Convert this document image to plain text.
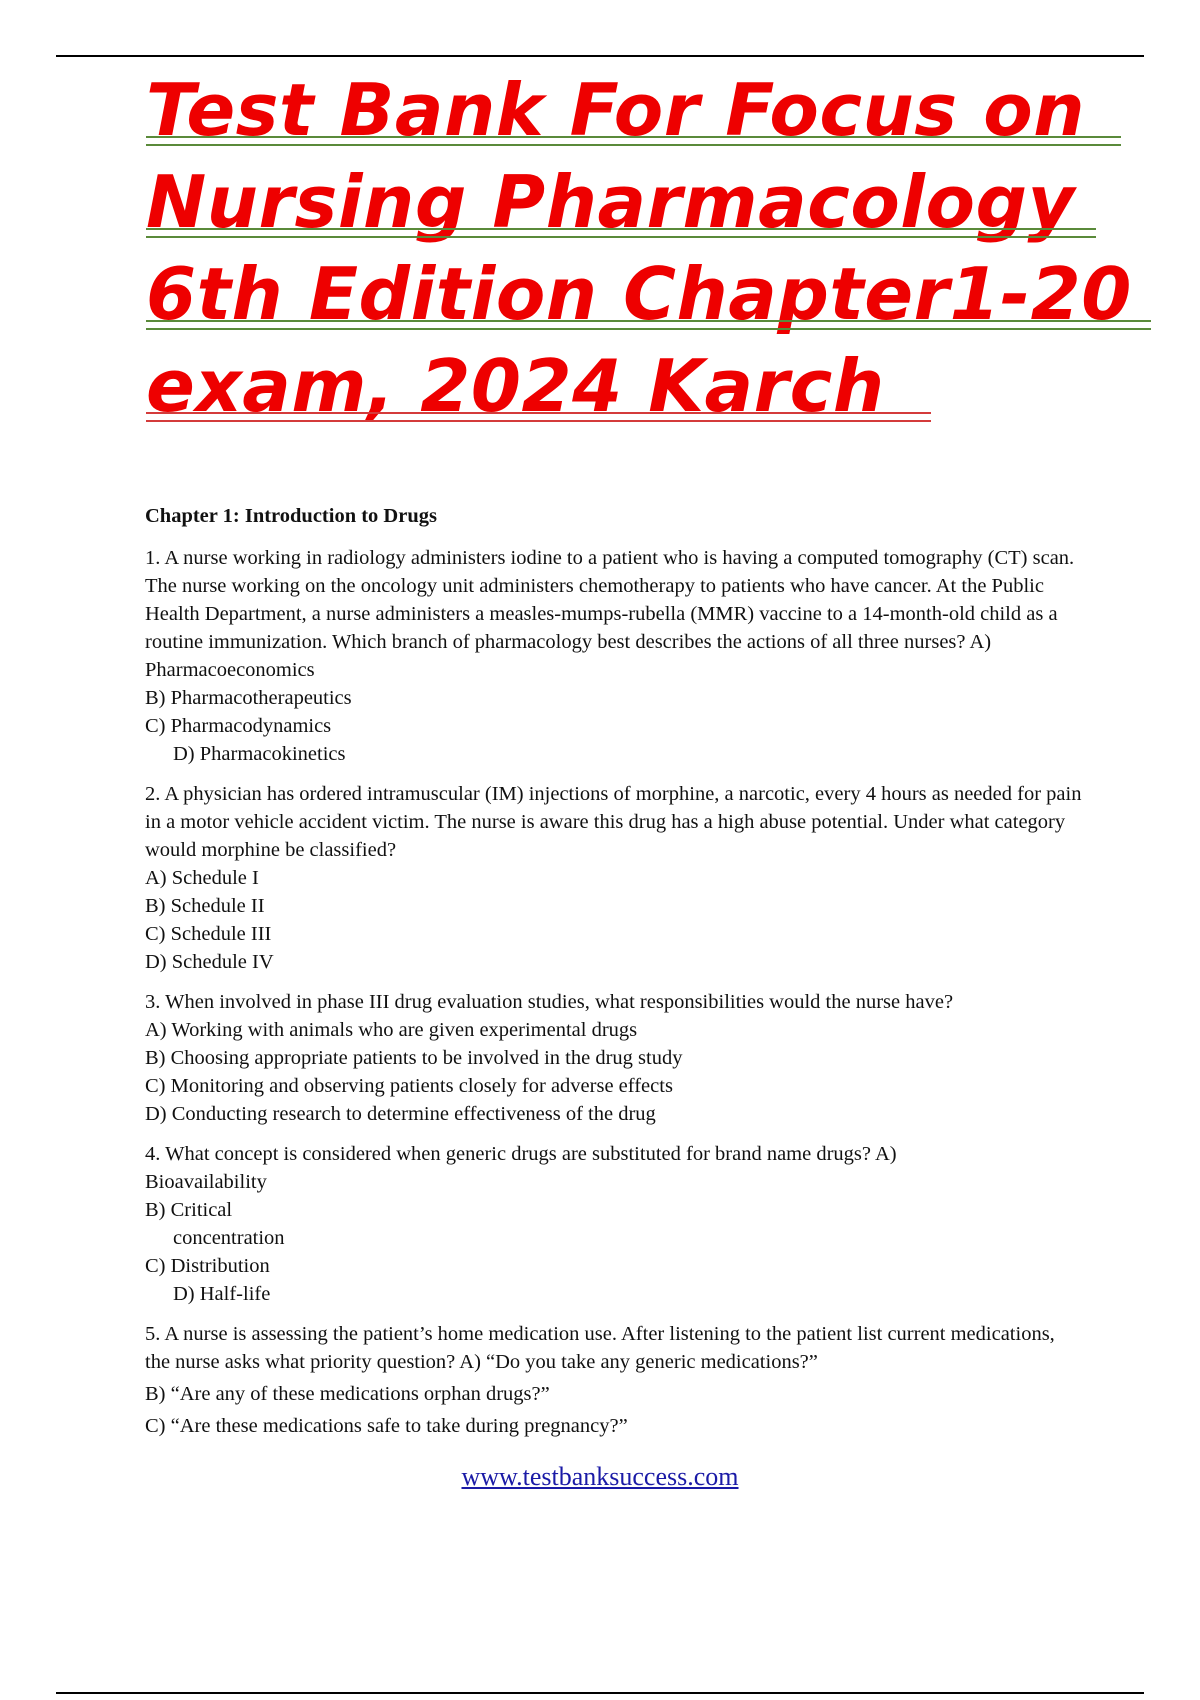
Test Bank For Focus on
Nursing Pharmacology
6th Edition Chapter1-20
exam, 2024 Karch

Chapter 1: Introduction to Drugs

1. A nurse working in radiology administers iodine to a patient who is having a computed tomography (CT) scan.

The nurse working on the oncology unit administers chemotherapy to patients who have cancer. At the Public

Health Department, a nurse administers a measles-mumps-rubella (MMR) vaccine to a 14-month-old child as a

routine immunization. Which branch of pharmacology best describes the actions of all three nurses? A)

Pharmacoeconomics

B) Pharmacotherapeutics

C) Pharmacodynamics

D) Pharmacokinetics

2. A physician has ordered intramuscular (IM) injections of morphine, a narcotic, every 4 hours as needed for pain

in a motor vehicle accident victim. The nurse is aware this drug has a high abuse potential. Under what category

would morphine be classified?

A) Schedule I

B) Schedule II

C) Schedule III

D) Schedule IV

3. When involved in phase III drug evaluation studies, what responsibilities would the nurse have?

A) Working with animals who are given experimental drugs

B) Choosing appropriate patients to be involved in the drug study

C) Monitoring and observing patients closely for adverse effects

D) Conducting research to determine effectiveness of the drug

4. What concept is considered when generic drugs are substituted for brand name drugs? A)

Bioavailability

B) Critical

concentration

C) Distribution

D) Half-life

5. A nurse is assessing the patient’s home medication use. After listening to the patient list current medications,

the nurse asks what priority question? A) “Do you take any generic medications?”

B) “Are any of these medications orphan drugs?”

C) “Are these medications safe to take during pregnancy?”

www.testbanksuccess.com
